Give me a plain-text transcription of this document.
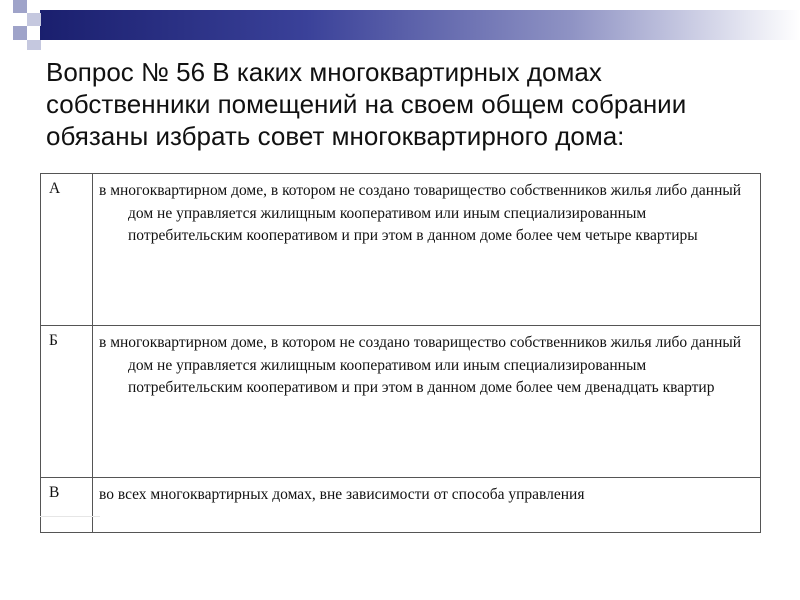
Вопрос № 56 В каких многоквартирных домах собственники помещений на своем общем собрании обязаны избрать совет многоквартирного дома:
А	в многоквартирном доме, в котором не создано товарищество собственников жилья либо данный дом не управляется жилищным кооперативом или иным специализированным потребительским кооперативом и при этом в данном доме более чем четыре квартиры

Б	в многоквартирном доме, в котором не создано товарищество собственников жилья либо данный дом не управляется жилищным кооперативом или иным специализированным потребительским кооперативом и при этом в данном доме более чем двенадцать квартир

В	во всех многоквартирных домах, вне зависимости от способа управления
